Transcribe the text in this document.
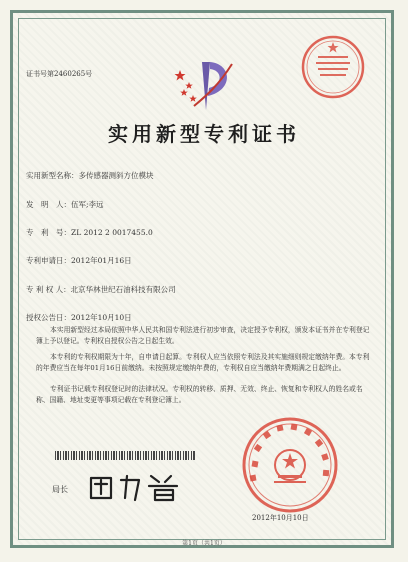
证书号第2460265号
实用新型专利证书
实用新型名称：多传感器测斜方位模块
发　明　人：伍军;李远
专　利　号：ZL 2012 2 0017455.0
专利申请日：2012年01月16日
专 利 权 人：北京华林世纪石油科技有限公司
授权公告日：2012年10月10日
本实用新型经过本局依照中华人民共和国专利法进行初步审查，决定授予专利权，颁发本证书并在专利登记簿上予以登记。专利权自授权公告之日起生效。
本专利的专利权期限为十年，自申请日起算。专利权人应当依照专利法及其实施细则规定缴纳年费。本专利的年费应当在每年01月16日前缴纳。未按照规定缴纳年费的，专利权自应当缴纳年费期满之日起终止。
专利证书记载专利权登记时的法律状况。专利权的转移、质押、无效、终止、恢复和专利权人的姓名或名称、国籍、地址变更等事项记载在专利登记簿上。
局长
2012年10月10日
第1页（共1页）
